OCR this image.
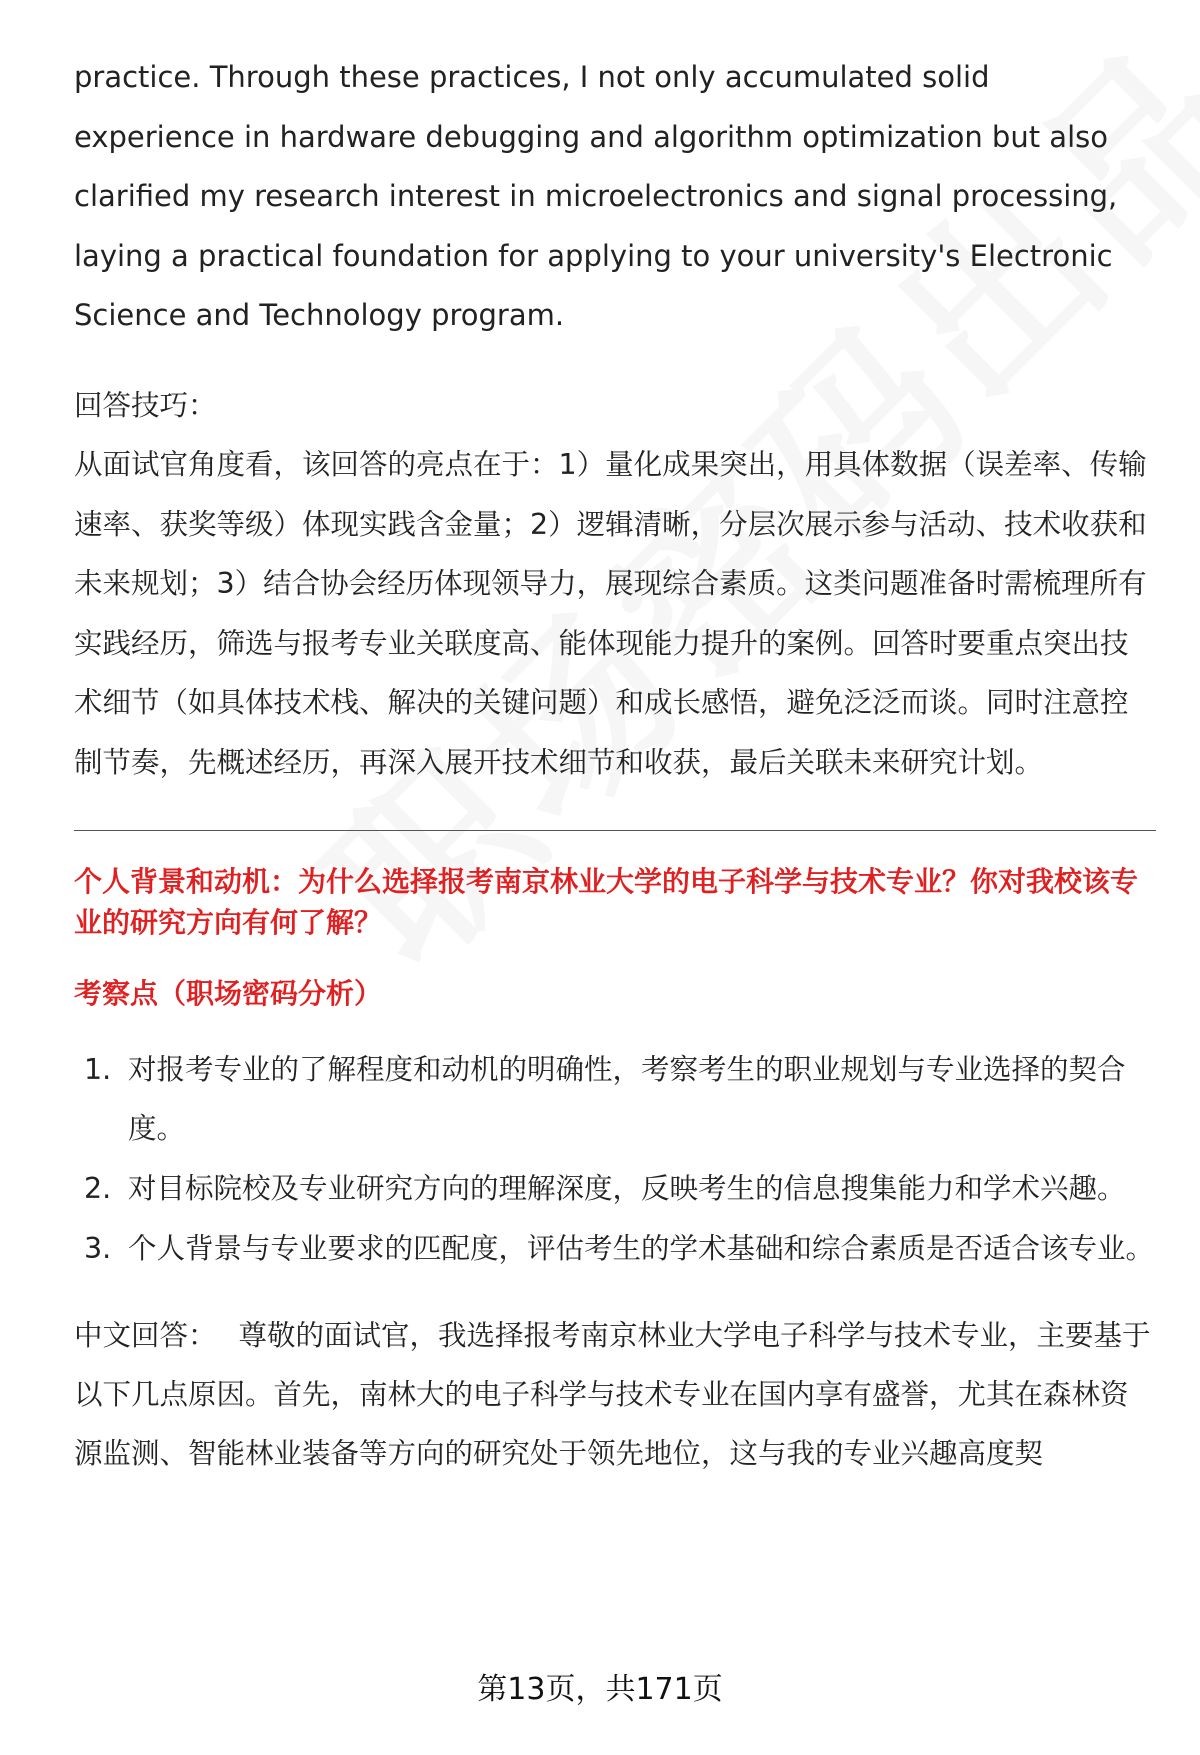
practice. Through these practices, I not only accumulated solid experience in hardware debugging and algorithm optimization but also clarified my research interest in microelectronics and signal processing, laying a practical foundation for applying to your university's Electronic Science and Technology program.

回答技巧：

从面试官角度看，该回答的亮点在于：1）量化成果突出，用具体数据（误差率、传输速率、获奖等级）体现实践含金量；2）逻辑清晰，分层次展示参与活动、技术收获和未来规划；3）结合协会经历体现领导力，展现综合素质。这类问题准备时需梳理所有实践经历，筛选与报考专业关联度高、能体现能力提升的案例。回答时要重点突出技术细节（如具体技术栈、解决的关键问题）和成长感悟，避免泛泛而谈。同时注意控制节奏，先概述经历，再深入展开技术细节和收获，最后关联未来研究计划。

个人背景和动机：为什么选择报考南京林业大学的电子科学与技术专业？你对我校该专业的研究方向有何了解？

考察点（职场密码分析）

1. 对报考专业的了解程度和动机的明确性，考察考生的职业规划与专业选择的契合度。
2. 对目标院校及专业研究方向的理解深度，反映考生的信息搜集能力和学术兴趣。
3. 个人背景与专业要求的匹配度，评估考生的学术基础和综合素质是否适合该专业。

中文回答： 尊敬的面试官，我选择报考南京林业大学电子科学与技术专业，主要基于以下几点原因。首先，南林大的电子科学与技术专业在国内享有盛誉，尤其在森林资源监测、智能林业装备等方向的研究处于领先地位，这与我的专业兴趣高度契

第13页，共171页
